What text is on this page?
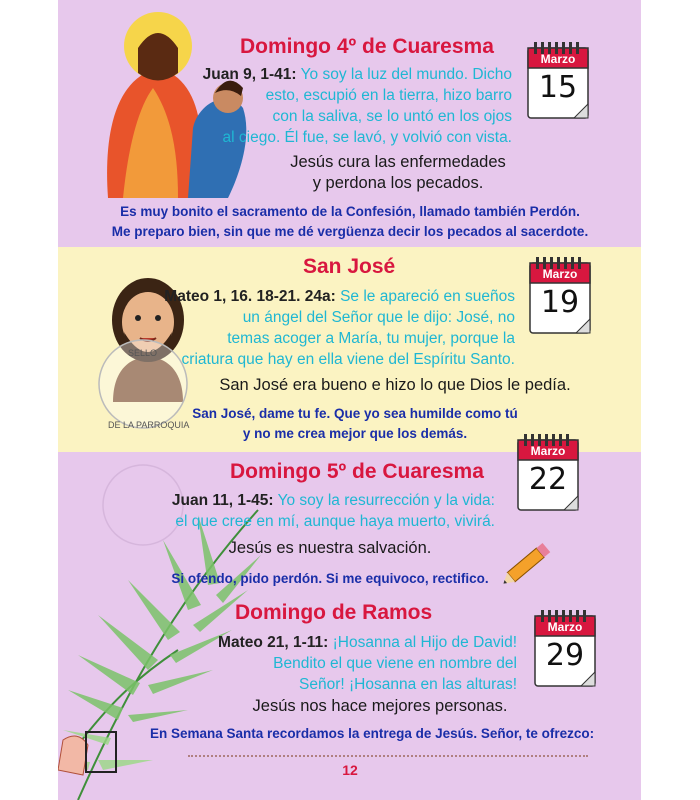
SELLO
DE LA PARROQUIA
Domingo 4º de Cuaresma
Juan 9, 1-41: Yo soy la luz del mundo. Dicho
esto, escupió en la tierra, hizo barro
con la saliva, se lo untó en los ojos
al ciego. Él fue, se lavó, y volvió con vista.
Jesús cura las enfermedades
y perdona los pecados.
Es muy bonito el sacramento de la Confesión, llamado también Perdón.
Me preparo bien, sin que me dé vergüenza decir los pecados al sacerdote.
San José
Mateo 1, 16. 18-21. 24a: Se le apareció en sueños
un ángel del Señor que le dijo: José, no
temas acoger a María, tu mujer, porque la
criatura que hay en ella viene del Espíritu Santo.
San José era bueno e hizo lo que Dios le pedía.
San José, dame tu fe. Que yo sea humilde como tú
y no me crea mejor que los demás.
Domingo 5º de Cuaresma
Juan 11, 1-45: Yo soy la resurrección y la vida:
el que cree en mí, aunque haya muerto, vivirá.
Jesús es nuestra salvación.
Si ofendo, pido perdón. Si me equivoco, rectifico.
Domingo de Ramos
Mateo 21, 1-11: ¡Hosanna al Hijo de David!
Bendito el que viene en nombre del
Señor! ¡Hosanna en las alturas!
Jesús nos hace mejores personas.
En Semana Santa recordamos la entrega de Jesús. Señor, te ofrezco:
Marzo
15
Marzo
19
Marzo
22
Marzo
29
12
